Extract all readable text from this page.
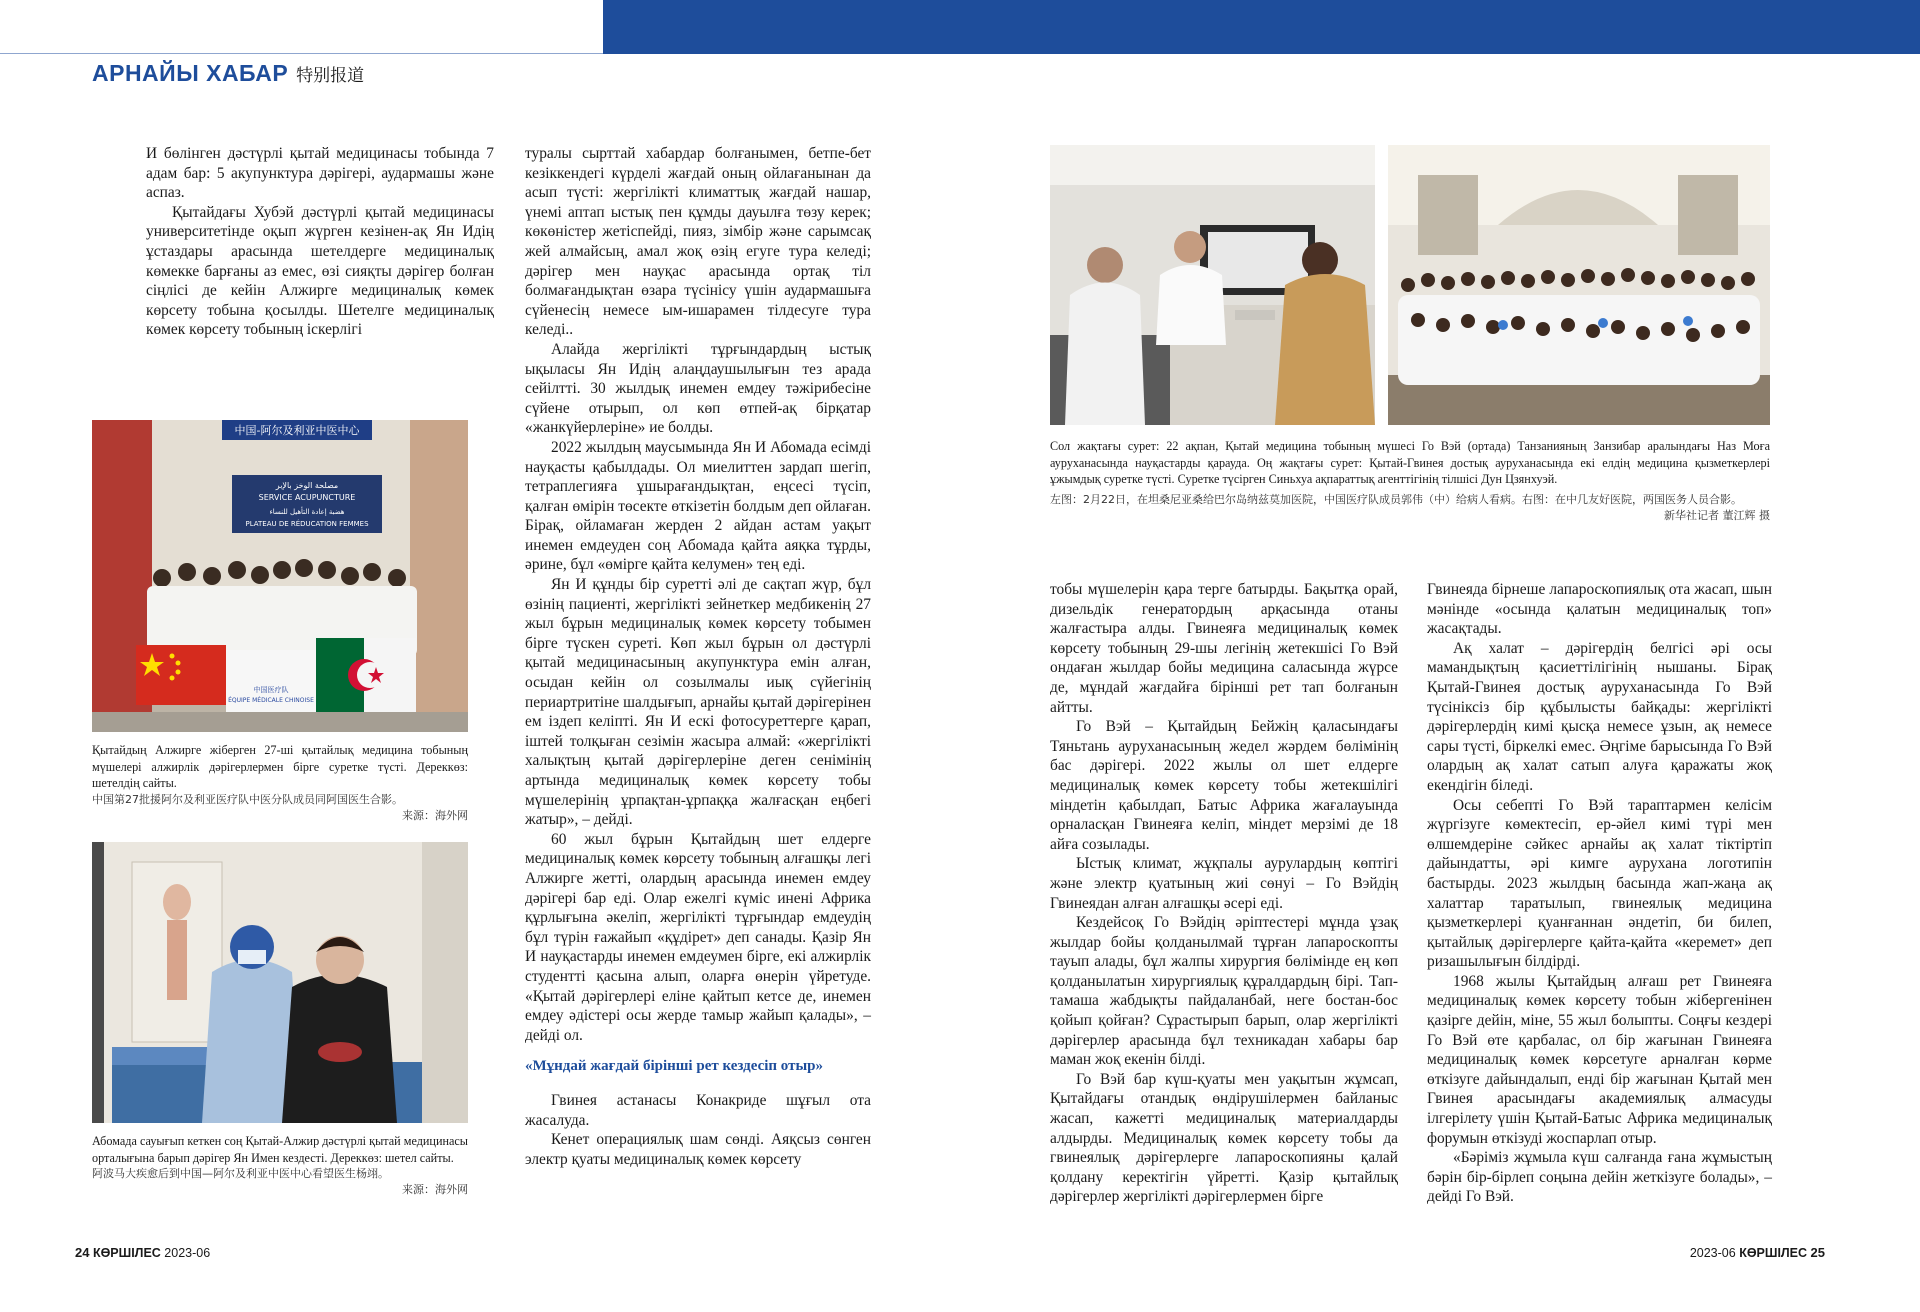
АРНАЙЫ ХАБАР 特别报道

И бөлінген дәстүрлі қытай медицинасы тобында 7 адам бар: 5 акупунктура дәрігері, аудармашы және аспаз.

Қытайдағы Хубэй дәстүрлі қытай медицинасы университетінде оқып жүрген кезінен-ақ Ян Идің ұстаздары арасында шетелдерге медициналық көмекке барғаны аз емес, өзі сияқты дәрігер болған сіңлісі де кейін Алжирге медициналық көмек көрсету тобына қосылды. Шетелге медициналық көмек көрсету тобының іскерлігі

中国-阿尔及利亚中医中心
مصلحة الوخز بالإبر
SERVICE ACUPUNCTURE
هضبة إعادة التأهيل للنساء
PLATEAU DE RÉDUCATION FEMMES
中国医疗队
ÉQUIPE MÉDICALE CHINOISE
Қытайдың Алжирге жіберген 27-ші қытайлық медицина тобының мүшелері алжирлік дәрігерлермен бірге суретке түсті. Дереккөз: шетелдің сайты.
中国第27批援阿尔及利亚医疗队中医分队成员同阿国医生合影。
来源：海外网
Абомада сауығып кеткен соң Қытай-Алжир дәстүрлі қытай медицинасы орталығына барып дәрігер Ян Имен кездесті. Дереккөз: шетел сайты.
阿波马大疾愈后到中国—阿尔及利亚中医中心看望医生杨翊。
来源：海外网

туралы сырттай хабардар болғанымен, бетпе-бет кезіккендегі күрделі жағдай оның ойлағанынан да асып түсті: жергілікті климаттық жағдай нашар, үнемі аптап ыстық пен құмды дауылға төзу керек; көкөністер жетіспейді, пияз, зімбір және сарымсақ жей алмайсың, амал жоқ өзің егуге тура келеді; дәрігер мен науқас арасында ортақ тіл болмағандықтан өзара түсінісу үшін аудармашыға сүйенесің немесе ым-ишарамен тілдесуге тура келеді..

Алайда жергілікті тұрғындардың ыстық ықыласы Ян Идің алаңдаушылығын тез арада сейілтті. 30 жылдық инемен емдеу тәжірибесіне сүйене отырып, ол көп өтпей-ақ бірқатар «жанкүйерлеріне» ие болды.

2022 жылдың маусымында Ян И Абомада есімді науқасты қабылдады. Ол миелиттен зардап шегіп, тетраплегияға ұшырағандықтан, еңсесі түсіп, қалған өмірін төсекте өткізетін болдым деп ойлаған. Бірақ, ойламаған жерден 2 айдан астам уақыт инемен емдеуден соң Абомада қайта аяқка тұрды, әрине, бұл «өмірге қайта келумен» тең еді.

Ян И құнды бір суретті әлі де сақтап жүр, бұл өзінің пациенті, жергілікті зейнеткер медбикенің 27 жыл бұрын медициналық көмек көрсету тобымен бірге түскен суреті. Көп жыл бұрын ол дәстүрлі қытай медицинасының акупунктура емін алған, осыдан кейін ол созылмалы иық сүйегінің периартритіне шалдығып, арнайы қытай дәрігерінен ем іздеп келіпті. Ян И ескі фотосуреттерге қарап, іштей толқыған сезімін жасыра алмай: «жергілікті халықтың қытай дәрігерлеріне деген сенімінің артында медициналық көмек көрсету тобы мүшелерінің ұрпақтан-ұрпаққа жалғасқан еңбегі жатыр», – дейді.

60 жыл бұрын Қытайдың шет елдерге медициналық көмек көрсету тобының алғашқы легі Алжирге жетті, олардың арасында инемен емдеу дәрігері бар еді. Олар ежелгі күміс инені Африка құрлығына әкеліп, жергілікті тұрғындар емдеудің бұл түрін ғажайып «құдірет» деп санады. Қазір Ян И науқастарды инемен емдеумен бірге, екі алжирлік студентті қасына алып, оларға өнерін үйретуде. «Қытай дәрігерлері еліне қайтып кетсе де, инемен емдеу әдістері осы жерде тамыр жайып қалады», – дейді ол.

«Мұндай жағдай бірінші рет кездесіп отыр»

Гвинея астанасы Конакриде шұғыл ота жасалуда.

Кенет операциялық шам сөнді. Аяқсыз сөнген электр қуаты медициналық көмек көрсету

Сол жақтағы сурет: 22 ақпан, Қытай медицина тобының мүшесі Го Вэй (ортада) Танзанияның Занзибар аралындағы Наз Моға ауруханасында науқастарды қарауда. Оң жақтағы сурет: Қытай-Гвинея достық ауруханасында екі елдің медицина қызметкерлері ұжымдық суретке түсті. Суретке түсірген Синьхуа ақпараттық агенттігінің тілшісі Дун Цзянхуэй.
左图：2月22日，在坦桑尼亚桑给巴尔岛纳兹莫加医院，中国医疗队成员郭伟（中）给病人看病。右图：在中几友好医院，两国医务人员合影。
新华社记者 董江辉 摄

тобы мүшелерін қара терге батырды. Бақытқа орай, дизельдік генератордың арқасында отаны жалғастыра алды. Гвинеяға медициналық көмек көрсету тобының 29-шы легінің жетекшісі Го Вэй ондаған жылдар бойы медицина саласында жүрсе де, мұндай жағдайға бірінші рет тап болғанын айтты.

Го Вэй – Қытайдың Бейжің қаласындағы Тяньтань ауруханасының жедел жәрдем бөлімінің бас дәрігері. 2022 жылы ол шет елдерге медициналық көмек көрсету тобы жетекшілігі міндетін қабылдап, Батыс Африка жағалауында орналасқан Гвинеяға келіп, міндет мерзімі де 18 айға созылады.

Ыстық климат, жұқпалы аурулардың көптігі және электр қуатының жиі сөнуі – Го Вэйдің Гвинеядан алған алғашқы әсері еді.

Кездейсоқ Го Вэйдің әріптестері мұнда ұзақ жылдар бойы қолданылмай тұрған лапароскопты тауып алады, бұл жалпы хирургия бөлімінде ең көп қолданылатын хирургиялық құралдардың бірі. Тап-тамаша жабдықты пайдаланбай, неге бостан-бос қойып қойған? Сұрастырып барып, олар жергілікті дәрігерлер арасында бұл техникадан хабары бар маман жоқ екенін білді.

Го Вэй бар күш-қуаты мен уақытын жұмсап, Қытайдағы отандық өндірушілермен байланыс жасап, кажетті медициналық материалдарды алдырды. Медициналық көмек көрсету тобы да гвинеялық дәрігерлерге лапароскопияны қалай қолдану керектігін үйретті. Қазір қытайлық дәрігерлер жергілікті дәрігерлермен бірге

Гвинеяда бірнеше лапароскопиялық ота жасап, шын мәнінде «осында қалатын медициналық топ» жасақтады.

Ақ халат – дәрігердің белгісі әрі осы мамандықтың қасиеттілігінің нышаны. Бірақ Қытай-Гвинея достық ауруханасында Го Вэй түсініксіз бір құбылысты байқады: жергілікті дәрігерлердің кимі қысқа немесе ұзын, ақ немесе сары түсті, біркелкі емес. Әңгіме барысында Го Вэй олардың ақ халат сатып алуға қаражаты жоқ екендігін біледі.

Осы себепті Го Вэй тараптармен келісім жүргізуге көмектесіп, ер-әйел кимі түрі мен өлшемдеріне сәйкес арнайы ақ халат тіктіртіп дайындатты, әрі кимге аурухана логотипін бастырды. 2023 жылдың басында жап-жаңа ақ халаттар таратылып, гвинеялық медицина қызметкерлері қуанғаннан әндетіп, би билеп, қытайлық дәрігерлерге қайта-қайта «керемет» деп ризашылығын білдірді.

1968 жылы Қытайдың алғаш рет Гвинеяға медициналық көмек көрсету тобын жібергенінен қазірге дейін, міне, 55 жыл болыпты. Соңғы кездері Го Вэй өте қарбалас, ол бір жағынан Гвинеяға медициналық көмек көрсетуге арналған көрме өткізуге дайындалып, енді бір жағынан Қытай мен Гвинея арасындағы академиялық алмасуды ілгерілету үшін Қытай-Батыс Африка медициналық форумын өткізуді жоспарлап отыр.

«Бәріміз жұмыла күш салғанда ғана жұмыстың бәрін бір-бірлеп соңына дейін жеткізуге болады», – дейді Го Вэй.

24 КӨРШІЛЕС 2023-06	2023-06 КӨРШІЛЕС 25
